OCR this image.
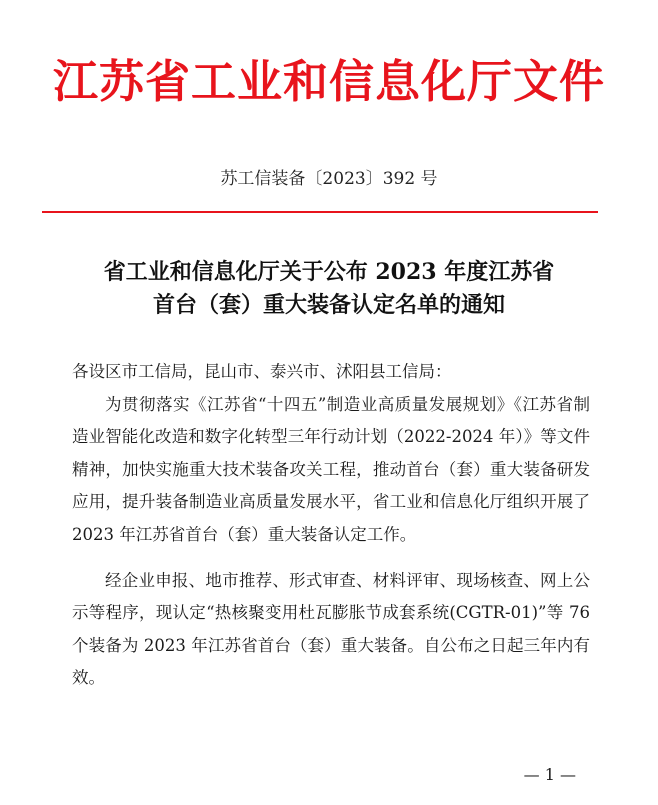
江苏省工业和信息化厅文件
苏工信装备〔2023〕392 号
省工业和信息化厅关于公布 2023 年度江苏省
首台（套）重大装备认定名单的通知

各设区市工信局，昆山市、泰兴市、沭阳县工信局：

为贯彻落实《江苏省“十四五”制造业高质量发展规划》《江苏省制造业智能化改造和数字化转型三年行动计划（2022-2024 年）》等文件精神，加快实施重大技术装备攻关工程，推动首台（套）重大装备研发应用，提升装备制造业高质量发展水平，省工业和信息化厅组织开展了 2023 年江苏省首台（套）重大装备认定工作。

经企业申报、地市推荐、形式审查、材料评审、现场核查、网上公示等程序，现认定“热核聚变用杜瓦膨胀节成套系统(CGTR-01)”等 76 个装备为 2023 年江苏省首台（套）重大装备。自公布之日起三年内有效。

— 1 —
